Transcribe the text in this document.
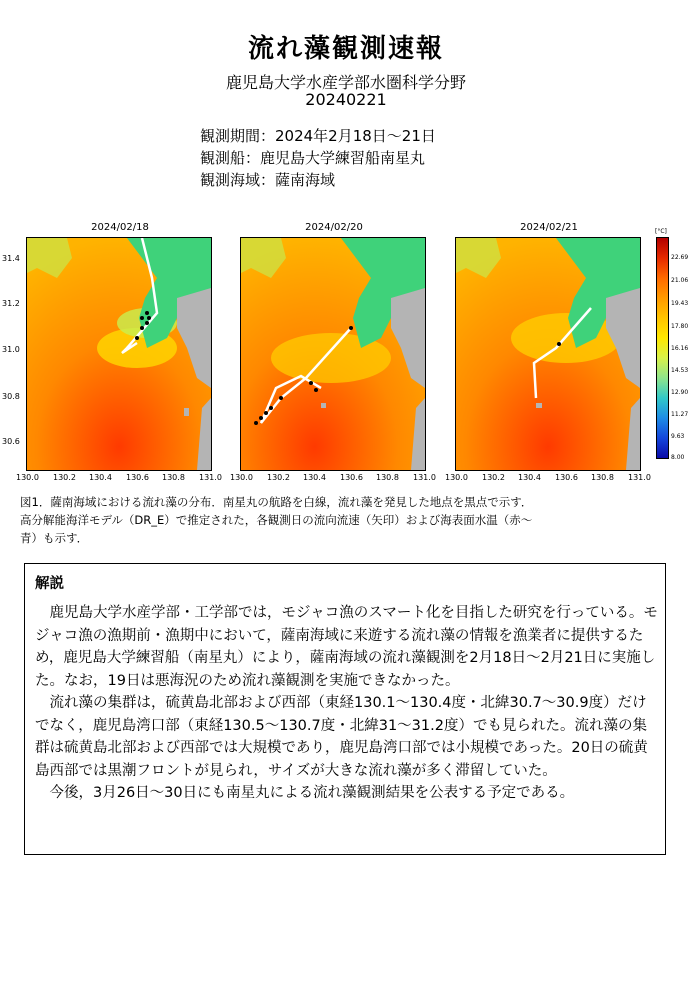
流れ藻観測速報
鹿児島大学水産学部水圏科学分野
20240221
観測期間：2024年2月18日～21日
観測船：鹿児島大学練習船南星丸
観測海域：薩南海域
2024/02/18	2024/02/20	2024/02/21
31.4
31.2
31.0
30.8
30.6
130.0 130.2 130.4 130.6 130.8 131.0 130.0 130.2 130.4 130.6 130.8 131.0 130.0 130.2 130.4 130.6 130.8 131.0
[°C]
22.69
21.06
19.43
17.80
16.16
14.53
12.90
11.27
9.63
8.00
図1．薩南海域における流れ藻の分布．南星丸の航路を白線，流れ藻を発見した地点を黒点で示す．
高分解能海洋モデル（DR_E）で推定された，各観測日の流向流速（矢印）および海表面水温（赤～
青）も示す．
解説

鹿児島大学水産学部・工学部では，モジャコ漁のスマート化を目指した研究を行っている。モジャコ漁の漁期前・漁期中において，薩南海域に来遊する流れ藻の情報を漁業者に提供するため，鹿児島大学練習船（南星丸）により，薩南海域の流れ藻観測を2月18日～2月21日に実施した。なお，19日は悪海況のため流れ藻観測を実施できなかった。

流れ藻の集群は，硫黄島北部および西部（東経130.1～130.4度・北緯30.7～30.9度）だけでなく，鹿児島湾口部（東経130.5～130.7度・北緯31～31.2度）でも見られた。流れ藻の集群は硫黄島北部および西部では大規模であり，鹿児島湾口部では小規模であった。20日の硫黄島西部では黒潮フロントが見られ，サイズが大きな流れ藻が多く滞留していた。

今後，3月26日～30日にも南星丸による流れ藻観測結果を公表する予定である。
